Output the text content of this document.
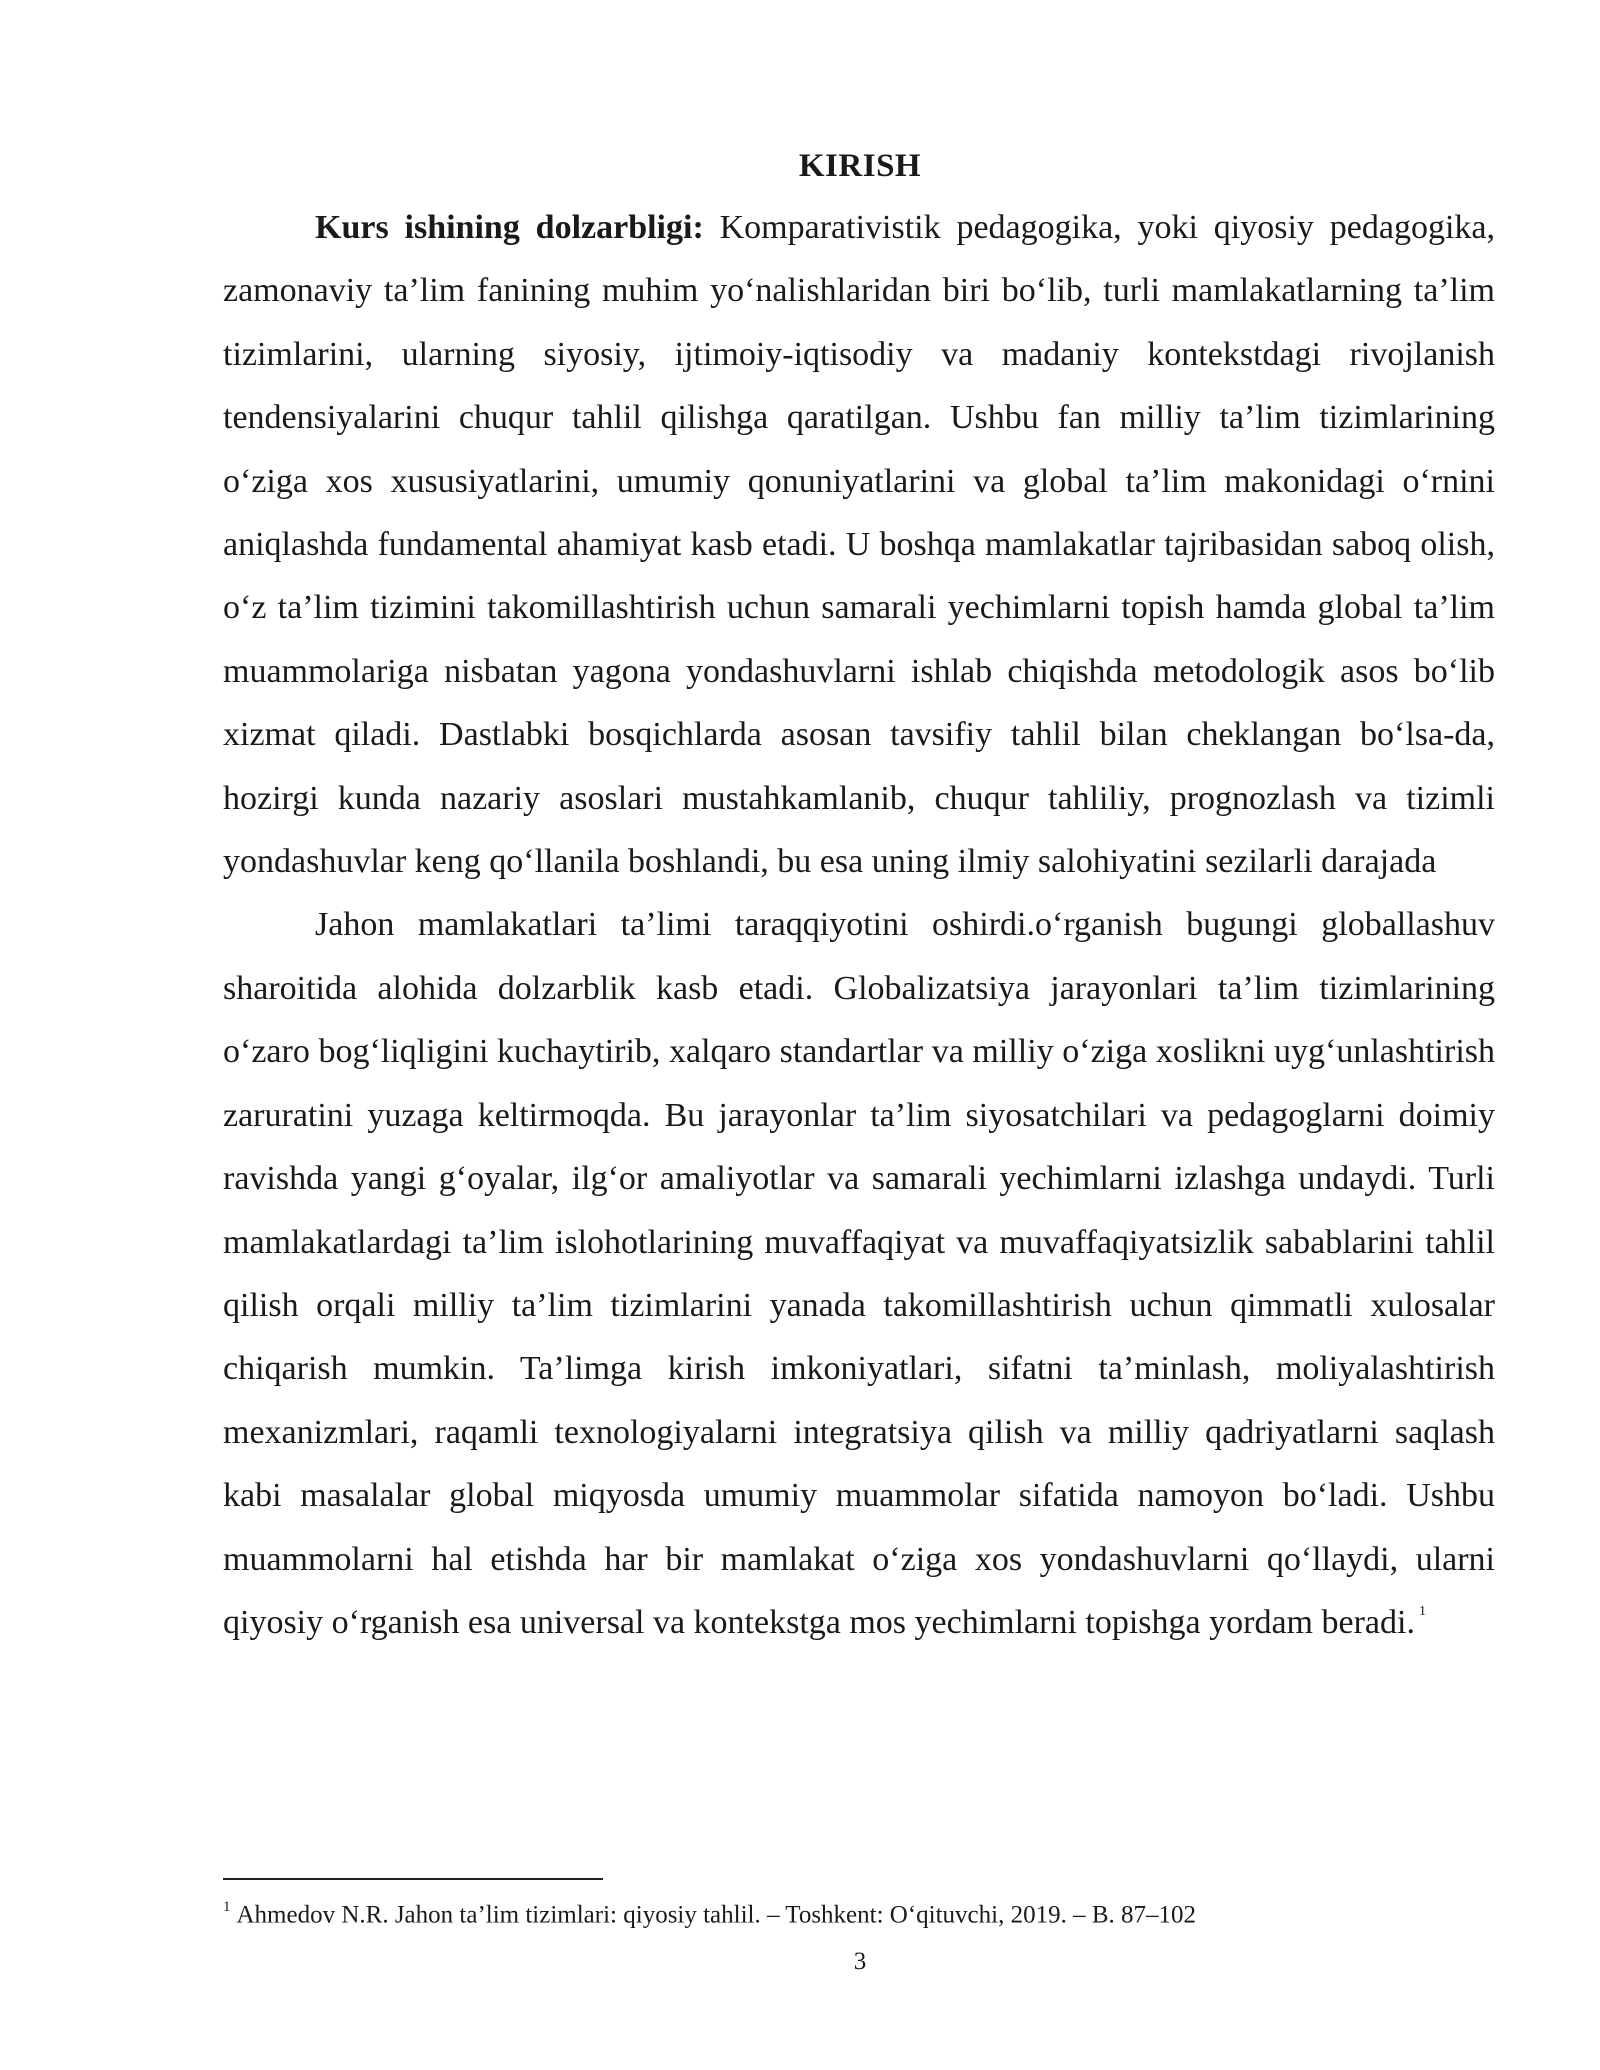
KIRISH

Kurs ishining dolzarbligi: Komparativistik pedagogika, yoki qiyosiy pedagogika, zamonaviy ta’lim fanining muhim yo‘nalishlaridan biri bo‘lib, turli mamlakatlarning ta’lim tizimlarini, ularning siyosiy, ijtimoiy-iqtisodiy va madaniy kontekstdagi rivojlanish tendensiyalarini chuqur tahlil qilishga qaratilgan. Ushbu fan milliy ta’lim tizimlarining o‘ziga xos xususiyatlarini, umumiy qonuniyatlarini va global ta’lim makonidagi o‘rnini aniqlashda fundamental ahamiyat kasb etadi. U boshqa mamlakatlar tajribasidan saboq olish, o‘z ta’lim tizimini takomillashtirish uchun samarali yechimlarni topish hamda global ta’lim muammolariga nisbatan yagona yondashuvlarni ishlab chiqishda metodologik asos bo‘lib xizmat qiladi. Dastlabki bosqichlarda asosan tavsifiy tahlil bilan cheklangan bo‘lsa-da, hozirgi kunda nazariy asoslari mustahkamlanib, chuqur tahliliy, prognozlash va tizimli yondashuvlar keng qo‘llanila boshlandi, bu esa uning ilmiy salohiyatini sezilarli darajada

Jahon mamlakatlari ta’limi taraqqiyotini oshirdi.o‘rganish bugungi globallashuv sharoitida alohida dolzarblik kasb etadi. Globalizatsiya jarayonlari ta’lim tizimlarining o‘zaro bog‘liqligini kuchaytirib, xalqaro standartlar va milliy o‘ziga xoslikni uyg‘unlashtirish zaruratini yuzaga keltirmoqda. Bu jarayonlar ta’lim siyosatchilari va pedagoglarni doimiy ravishda yangi g‘oyalar, ilg‘or amaliyotlar va samarali yechimlarni izlashga undaydi. Turli mamlakatlardagi ta’lim islohotlarining muvaffaqiyat va muvaffaqiyatsizlik sabablarini tahlil qilish orqali milliy ta’lim tizimlarini yanada takomillashtirish uchun qimmatli xulosalar chiqarish mumkin. Ta’limga kirish imkoniyatlari, sifatni ta’minlash, moliyalashtirish mexanizmlari, raqamli texnologiyalarni integratsiya qilish va milliy qadriyatlarni saqlash kabi masalalar global miqyosda umumiy muammolar sifatida namoyon bo‘ladi. Ushbu muammolarni hal etishda har bir mamlakat o‘ziga xos yondashuvlarni qo‘llaydi, ularni qiyosiy o‘rganish esa universal va kontekstga mos yechimlarni topishga yordam beradi. $^1$

$^1$ Ahmedov N.R. Jahon ta’lim tizimlari: qiyosiy tahlil. – Toshkent: O‘qituvchi, 2019. – B. 87–102
3
